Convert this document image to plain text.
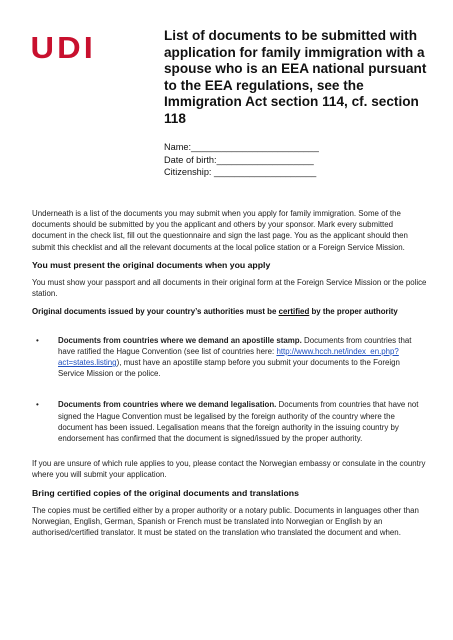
UDI	List of documents to be submitted with application for family immigration with a spouse who is an EEA national pursuant to the EEA regulations, see the Immigration Act section 114, cf. section 118
Name:_________________________
Date of birth:___________________
Citizenship: ____________________

Underneath is a list of the documents you may submit when you apply for family immigration. Some of the documents should be submitted by you the applicant and others by your sponsor. Mark every submitted document in the check list, fill out the questionnaire and sign the last page. You as the applicant should then submit this checklist and all the relevant documents at the local police station or a Foreign Service Mission.

You must present the original documents when you apply

You must show your passport and all documents in their original form at the Foreign Service Mission or the police station.

Original documents issued by your country’s authorities must be certified by the proper authority
• Documents from countries where we demand an apostille stamp. Documents from countries that have ratified the Hague Convention (see list of countries here: http://www.hcch.net/index_en.php?act=states.listing), must have an apostille stamp before you submit your documents to the Foreign Service Mission or the police.
• Documents from countries where we demand legalisation. Documents from countries that have not signed the Hague Convention must be legalised by the foreign authority of the country where the document has been issued. Legalisation means that the foreign authority in the issuing country by endorsement has confirmed that the document is signed/issued by the proper authority.

If you are unsure of which rule applies to you, please contact the Norwegian embassy or consulate in the country where you will submit your application.

Bring certified copies of the original documents and translations

The copies must be certified either by a proper authority or a notary public. Documents in languages other than Norwegian, English, German, Spanish or French must be translated into Norwegian or English by an authorised/certified translator. It must be stated on the translation who translated the document and when.
